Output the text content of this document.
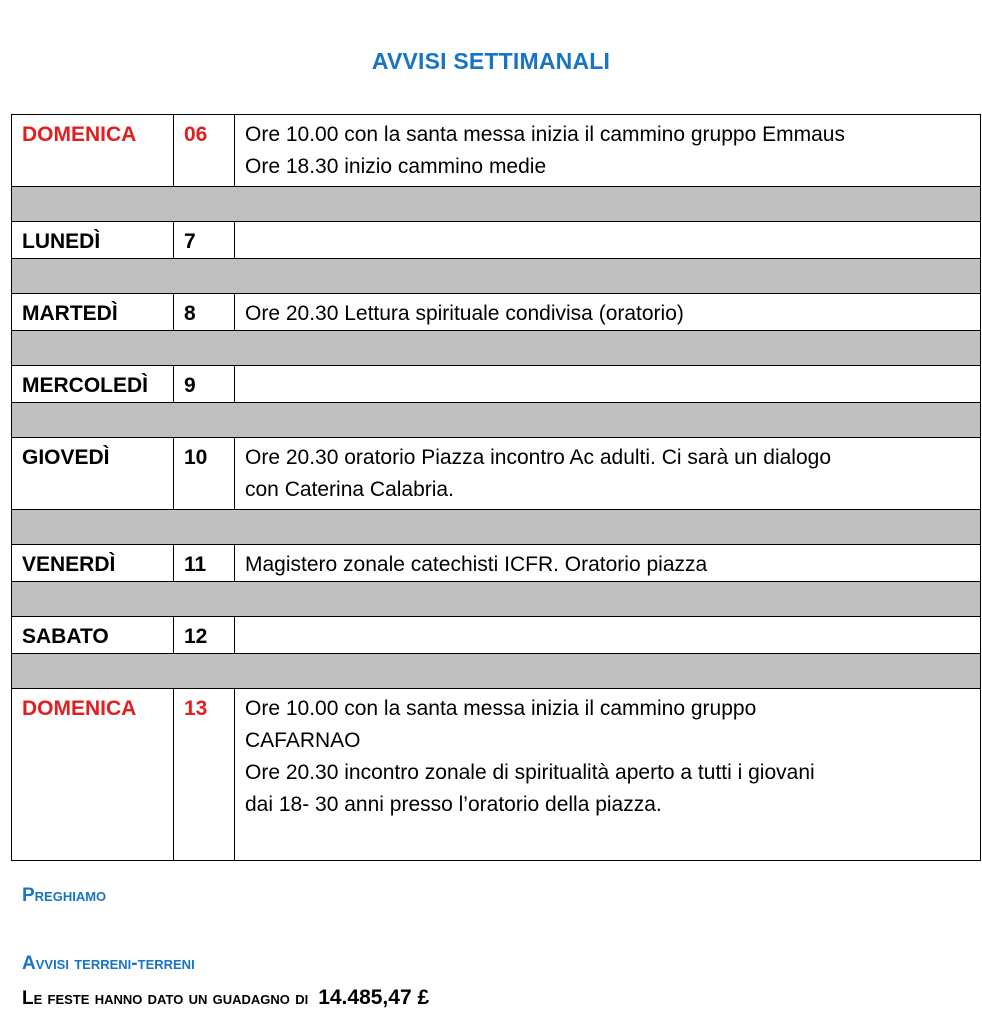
AVVISI SETTIMANALI
DOMENICA	06	Ore 10.00 con la santa messa inizia il cammino gruppo Emmaus
Ore 18.30 inizio cammino medie

LUNEDÌ	7	

MARTEDÌ	8	Ore 20.30 Lettura spirituale condivisa (oratorio)

MERCOLEDÌ	9	

GIOVEDÌ	10	Ore 20.30 oratorio Piazza incontro Ac adulti. Ci sarà un dialogo
con Caterina Calabria.

VENERDÌ	11	Magistero zonale catechisti ICFR. Oratorio piazza

SABATO	12	

DOMENICA	13	Ore 10.00 con la santa messa inizia il cammino gruppo
CAFARNAO
Ore 20.30 incontro zonale di spiritualità aperto a tutti i giovani
dai 18- 30 anni presso l’oratorio della piazza.
Preghiamo
Avvisi terreni-terreni
Le feste hanno dato un guadagno di 14.485,47 £
